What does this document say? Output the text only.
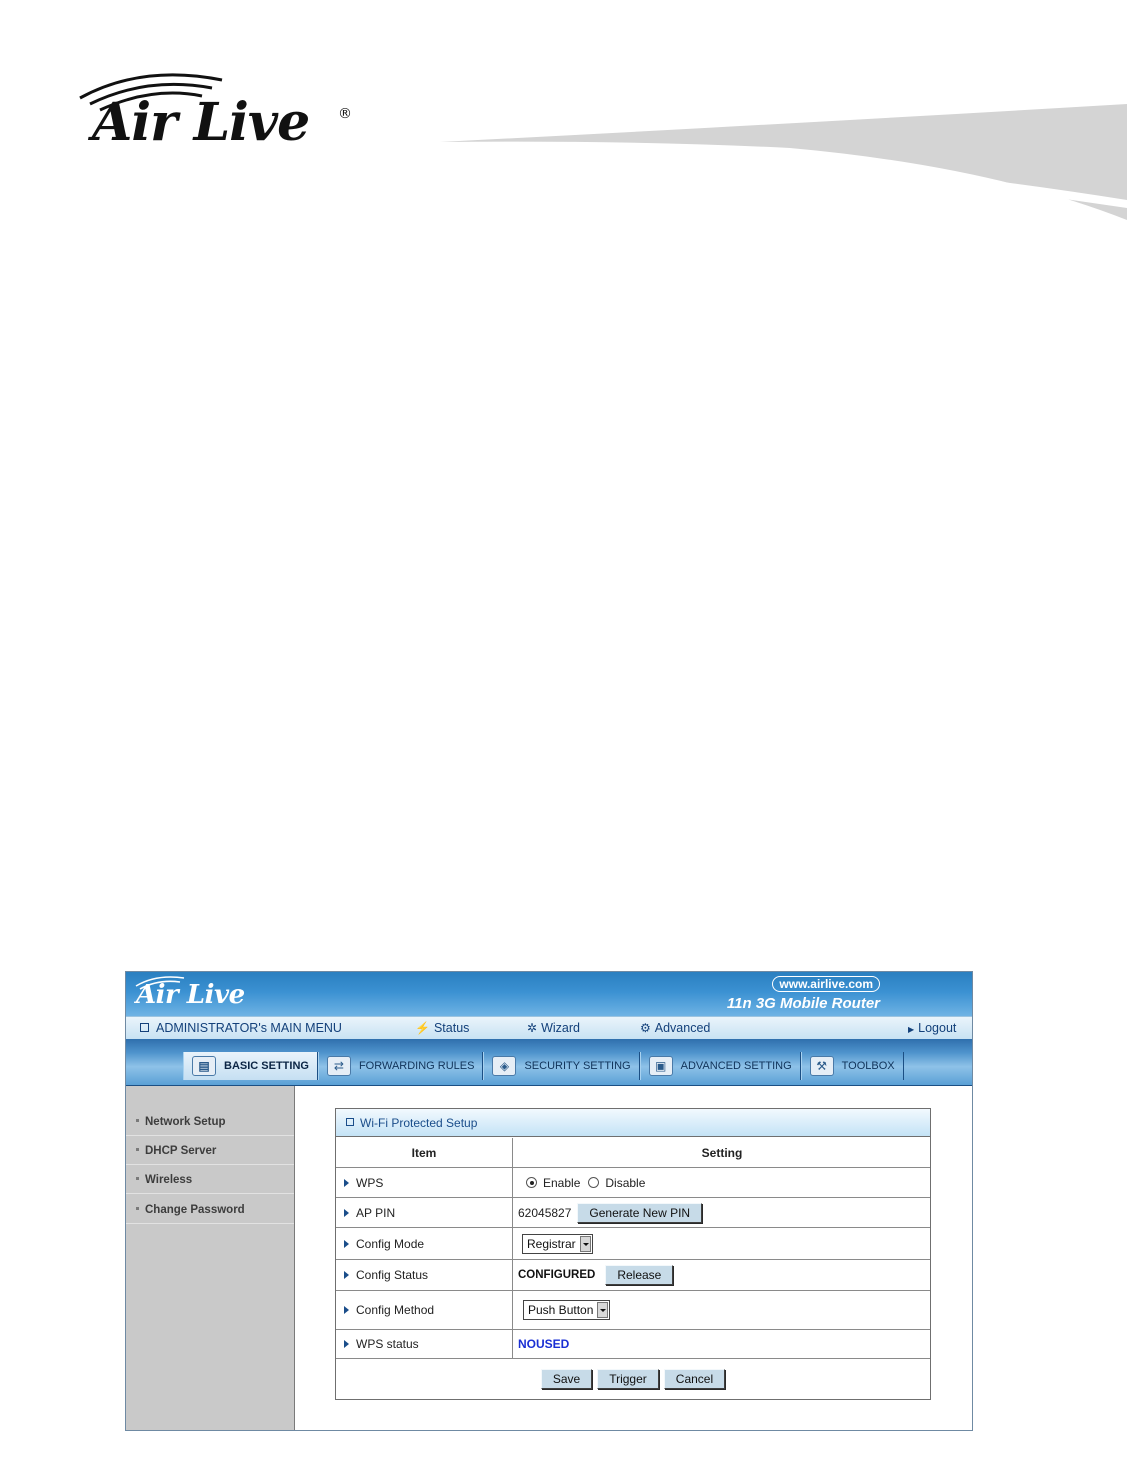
Air Live ®
Air Live	www.airlive.com
11n 3G Mobile Router
ADMINISTRATOR's MAIN MENU	⚡ Status	✲ Wizard	⚙ Advanced	▶ Logout
▤	BASIC SETTING	⇄	FORWARDING RULES	◈	SECURITY SETTING	▣	ADVANCED SETTING	⚒	TOOLBOX
Network Setup
DHCP Server
Wireless
Change Password
Wi-Fi Protected Setup
Item	Setting
WPS	Enable Disable
AP PIN	62045827	Generate New PIN
Config Mode	Registrar
Config Status	CONFIGURED	Release
Config Method	Push Button
WPS status	NOUSED
Save	Trigger	Cancel
